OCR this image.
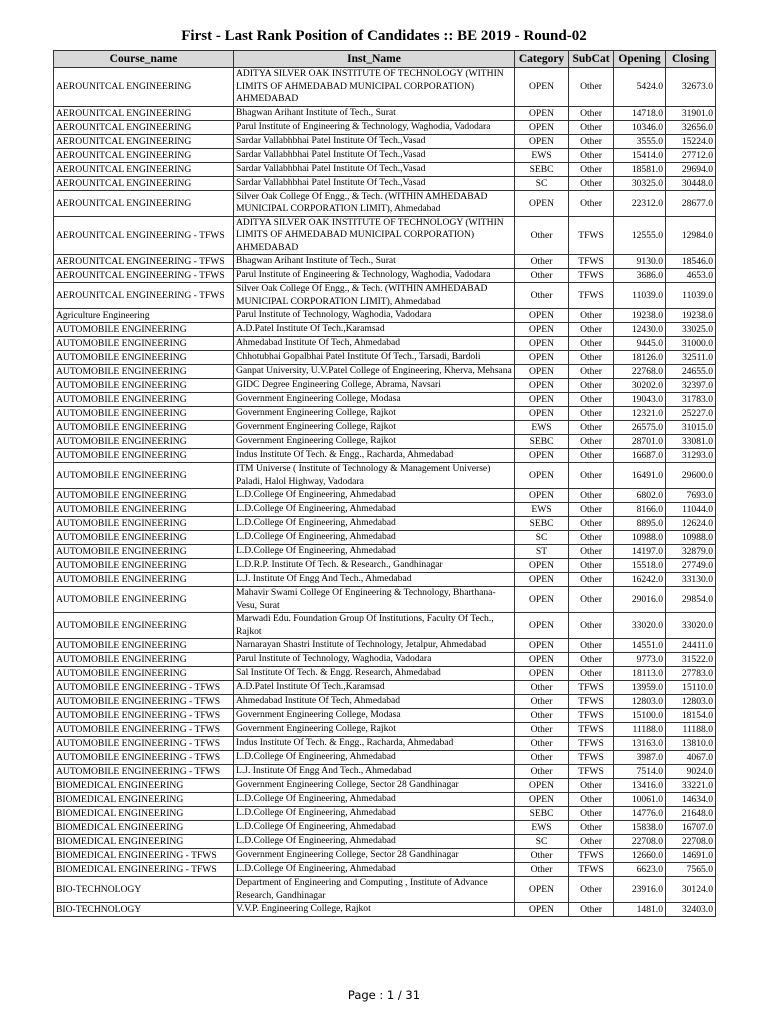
First - Last Rank Position of Candidates :: BE 2019 - Round-02
Course_name	Inst_Name	Category	SubCat	Opening	Closing
AEROUNITCAL ENGINEERING	ADITYA SILVER OAK INSTITUTE OF TECHNOLOGY (WITHIN LIMITS OF AHMEDABAD MUNICIPAL CORPORATION) AHMEDABAD	OPEN	Other	5424.0	32673.0
AEROUNITCAL ENGINEERING	Bhagwan Arihant Institute of Tech., Surat	OPEN	Other	14718.0	31901.0
AEROUNITCAL ENGINEERING	Parul Institute of Engineering & Technology, Waghodia, Vadodara	OPEN	Other	10346.0	32656.0
AEROUNITCAL ENGINEERING	Sardar Vallabhbhai Patel Institute Of Tech.,Vasad	OPEN	Other	3555.0	15224.0
AEROUNITCAL ENGINEERING	Sardar Vallabhbhai Patel Institute Of Tech.,Vasad	EWS	Other	15414.0	27712.0
AEROUNITCAL ENGINEERING	Sardar Vallabhbhai Patel Institute Of Tech.,Vasad	SEBC	Other	18581.0	29694.0
AEROUNITCAL ENGINEERING	Sardar Vallabhbhai Patel Institute Of Tech.,Vasad	SC	Other	30325.0	30448.0
AEROUNITCAL ENGINEERING	Silver Oak College Of Engg., & Tech. (WITHIN AMHEDABAD MUNICIPAL CORPORATION LIMIT), Ahmedabad	OPEN	Other	22312.0	28677.0
AEROUNITCAL ENGINEERING - TFWS	ADITYA SILVER OAK INSTITUTE OF TECHNOLOGY (WITHIN LIMITS OF AHMEDABAD MUNICIPAL CORPORATION) AHMEDABAD	Other	TFWS	12555.0	12984.0
AEROUNITCAL ENGINEERING - TFWS	Bhagwan Arihant Institute of Tech., Surat	Other	TFWS	9130.0	18546.0
AEROUNITCAL ENGINEERING - TFWS	Parul Institute of Engineering & Technology, Waghodia, Vadodara	Other	TFWS	3686.0	4653.0
AEROUNITCAL ENGINEERING - TFWS	Silver Oak College Of Engg., & Tech. (WITHIN AMHEDABAD MUNICIPAL CORPORATION LIMIT), Ahmedabad	Other	TFWS	11039.0	11039.0
Agriculture Engineering	Parul Institute of Technology, Waghodia, Vadodara	OPEN	Other	19238.0	19238.0
AUTOMOBILE ENGINEERING	A.D.Patel Institute Of Tech.,Karamsad	OPEN	Other	12430.0	33025.0
AUTOMOBILE ENGINEERING	Ahmedabad Institute Of Tech, Ahmedabad	OPEN	Other	9445.0	31000.0
AUTOMOBILE ENGINEERING	Chhotubhai Gopalbhai Patel Institute Of Tech., Tarsadi, Bardoli	OPEN	Other	18126.0	32511.0
AUTOMOBILE ENGINEERING	Ganpat University, U.V.Patel College of Engineering, Kherva, Mehsana	OPEN	Other	22768.0	24655.0
AUTOMOBILE ENGINEERING	GIDC Degree Engineering College, Abrama, Navsari	OPEN	Other	30202.0	32397.0
AUTOMOBILE ENGINEERING	Government Engineering College, Modasa	OPEN	Other	19043.0	31783.0
AUTOMOBILE ENGINEERING	Government Engineering College, Rajkot	OPEN	Other	12321.0	25227.0
AUTOMOBILE ENGINEERING	Government Engineering College, Rajkot	EWS	Other	26575.0	31015.0
AUTOMOBILE ENGINEERING	Government Engineering College, Rajkot	SEBC	Other	28701.0	33081.0
AUTOMOBILE ENGINEERING	Indus Institute Of Tech. & Engg., Racharda, Ahmedabad	OPEN	Other	16687.0	31293.0
AUTOMOBILE ENGINEERING	ITM Universe ( Institute of Technology & Management Universe) Paladi, Halol Highway, Vadodara	OPEN	Other	16491.0	29600.0
AUTOMOBILE ENGINEERING	L.D.College Of Engineering, Ahmedabad	OPEN	Other	6802.0	7693.0
AUTOMOBILE ENGINEERING	L.D.College Of Engineering, Ahmedabad	EWS	Other	8166.0	11044.0
AUTOMOBILE ENGINEERING	L.D.College Of Engineering, Ahmedabad	SEBC	Other	8895.0	12624.0
AUTOMOBILE ENGINEERING	L.D.College Of Engineering, Ahmedabad	SC	Other	10988.0	10988.0
AUTOMOBILE ENGINEERING	L.D.College Of Engineering, Ahmedabad	ST	Other	14197.0	32879.0
AUTOMOBILE ENGINEERING	L.D.R.P. Institute Of Tech. & Research., Gandhinagar	OPEN	Other	15518.0	27749.0
AUTOMOBILE ENGINEERING	L.J. Institute Of Engg And Tech., Ahmedabad	OPEN	Other	16242.0	33130.0
AUTOMOBILE ENGINEERING	Mahavir Swami College Of Engineering & Technology, Bharthana-Vesu, Surat	OPEN	Other	29016.0	29854.0
AUTOMOBILE ENGINEERING	Marwadi Edu. Foundation Group Of Institutions, Faculty Of Tech., Rajkot	OPEN	Other	33020.0	33020.0
AUTOMOBILE ENGINEERING	Narnarayan Shastri Institute of Technology, Jetalpur, Ahmedabad	OPEN	Other	14551.0	24411.0
AUTOMOBILE ENGINEERING	Parul Institute of Technology, Waghodia, Vadodara	OPEN	Other	9773.0	31522.0
AUTOMOBILE ENGINEERING	Sal Institute Of Tech. & Engg. Research, Ahmedabad	OPEN	Other	18113.0	27783.0
AUTOMOBILE ENGINEERING - TFWS	A.D.Patel Institute Of Tech.,Karamsad	Other	TFWS	13959.0	15110.0
AUTOMOBILE ENGINEERING - TFWS	Ahmedabad Institute Of Tech, Ahmedabad	Other	TFWS	12803.0	12803.0
AUTOMOBILE ENGINEERING - TFWS	Government Engineering College, Modasa	Other	TFWS	15100.0	18154.0
AUTOMOBILE ENGINEERING - TFWS	Government Engineering College, Rajkot	Other	TFWS	11188.0	11188.0
AUTOMOBILE ENGINEERING - TFWS	Indus Institute Of Tech. & Engg., Racharda, Ahmedabad	Other	TFWS	13163.0	13810.0
AUTOMOBILE ENGINEERING - TFWS	L.D.College Of Engineering, Ahmedabad	Other	TFWS	3987.0	4067.0
AUTOMOBILE ENGINEERING - TFWS	L.J. Institute Of Engg And Tech., Ahmedabad	Other	TFWS	7514.0	9024.0
BIOMEDICAL ENGINEERING	Government Engineering College, Sector 28 Gandhinagar	OPEN	Other	13416.0	33221.0
BIOMEDICAL ENGINEERING	L.D.College Of Engineering, Ahmedabad	OPEN	Other	10061.0	14634.0
BIOMEDICAL ENGINEERING	L.D.College Of Engineering, Ahmedabad	SEBC	Other	14776.0	21648.0
BIOMEDICAL ENGINEERING	L.D.College Of Engineering, Ahmedabad	EWS	Other	15838.0	16707.0
BIOMEDICAL ENGINEERING	L.D.College Of Engineering, Ahmedabad	SC	Other	22708.0	22708.0
BIOMEDICAL ENGINEERING - TFWS	Government Engineering College, Sector 28 Gandhinagar	Other	TFWS	12660.0	14691.0
BIOMEDICAL ENGINEERING - TFWS	L.D.College Of Engineering, Ahmedabad	Other	TFWS	6623.0	7565.0
BIO-TECHNOLOGY	Department of Engineering and Computing , Institute of Advance Research, Gandhinagar	OPEN	Other	23916.0	30124.0
BIO-TECHNOLOGY	V.V.P. Engineering College, Rajkot	OPEN	Other	1481.0	32403.0
Page : 1 / 31
